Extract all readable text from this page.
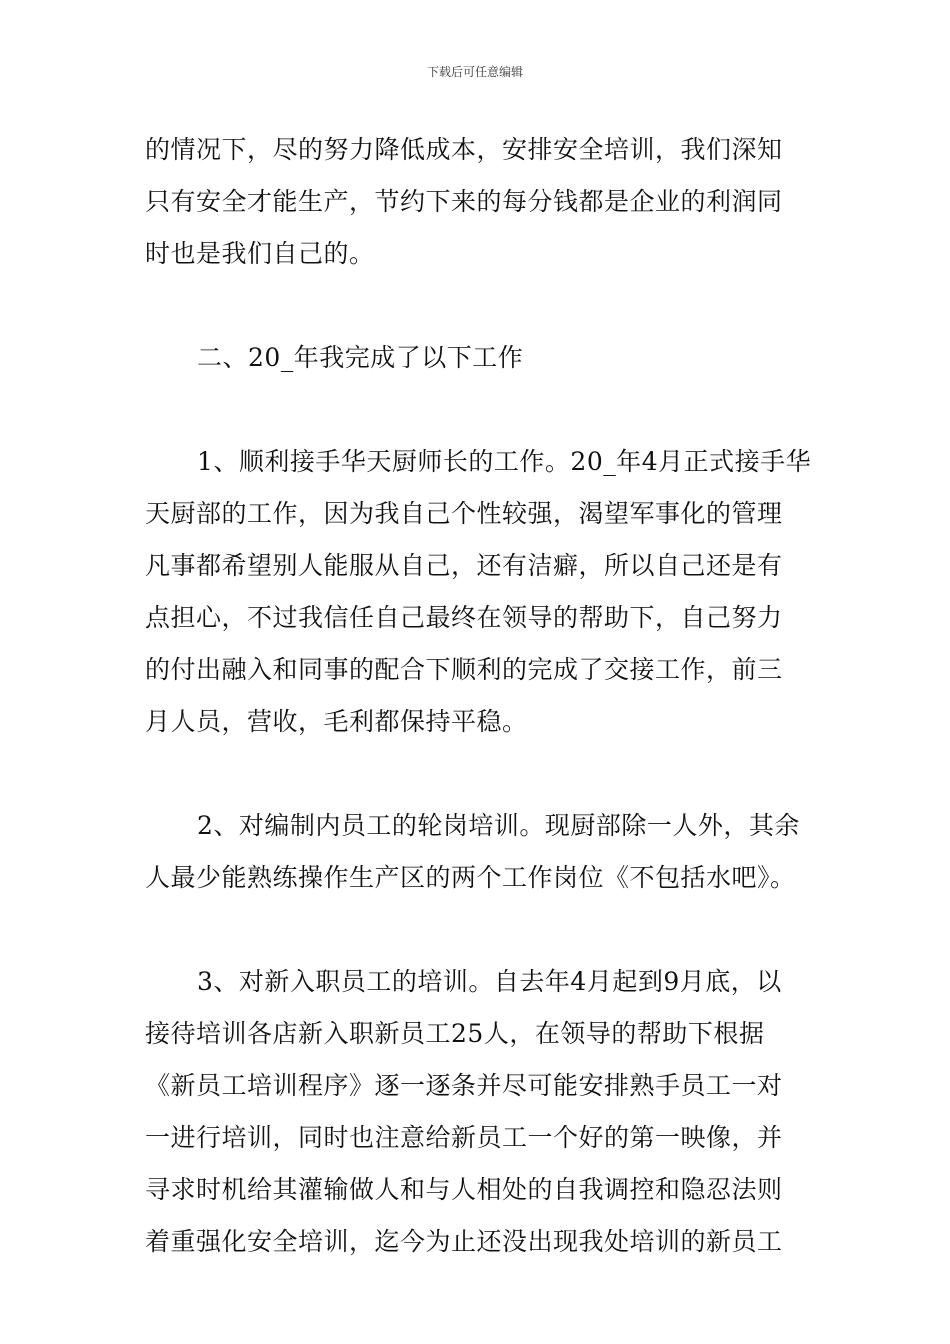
下载后可任意编辑
的情况下，尽的努力降低成本，安排安全培训，我们深知
只有安全才能生产，节约下来的每分钱都是企业的利润同
时也是我们自己的。
二、20_年我完成了以下工作
1、顺利接手华天厨师长的工作。20_年4月正式接手华
天厨部的工作，因为我自己个性较强，渴望军事化的管理
凡事都希望别人能服从自己，还有洁癖，所以自己还是有
点担心，不过我信任自己最终在领导的帮助下，自己努力
的付出融入和同事的配合下顺利的完成了交接工作，前三
月人员，营收，毛利都保持平稳。
2、对编制内员工的轮岗培训。现厨部除一人外，其余
人最少能熟练操作生产区的两个工作岗位《不包括水吧》。
3、对新入职员工的培训。自去年4月起到9月底，以
接待培训各店新入职新员工25人，在领导的帮助下根据
《新员工培训程序》逐一逐条并尽可能安排熟手员工一对
一进行培训，同时也注意给新员工一个好的第一映像，并
寻求时机给其灌输做人和与人相处的自我调控和隐忍法则
着重强化安全培训，迄今为止还没出现我处培训的新员工
